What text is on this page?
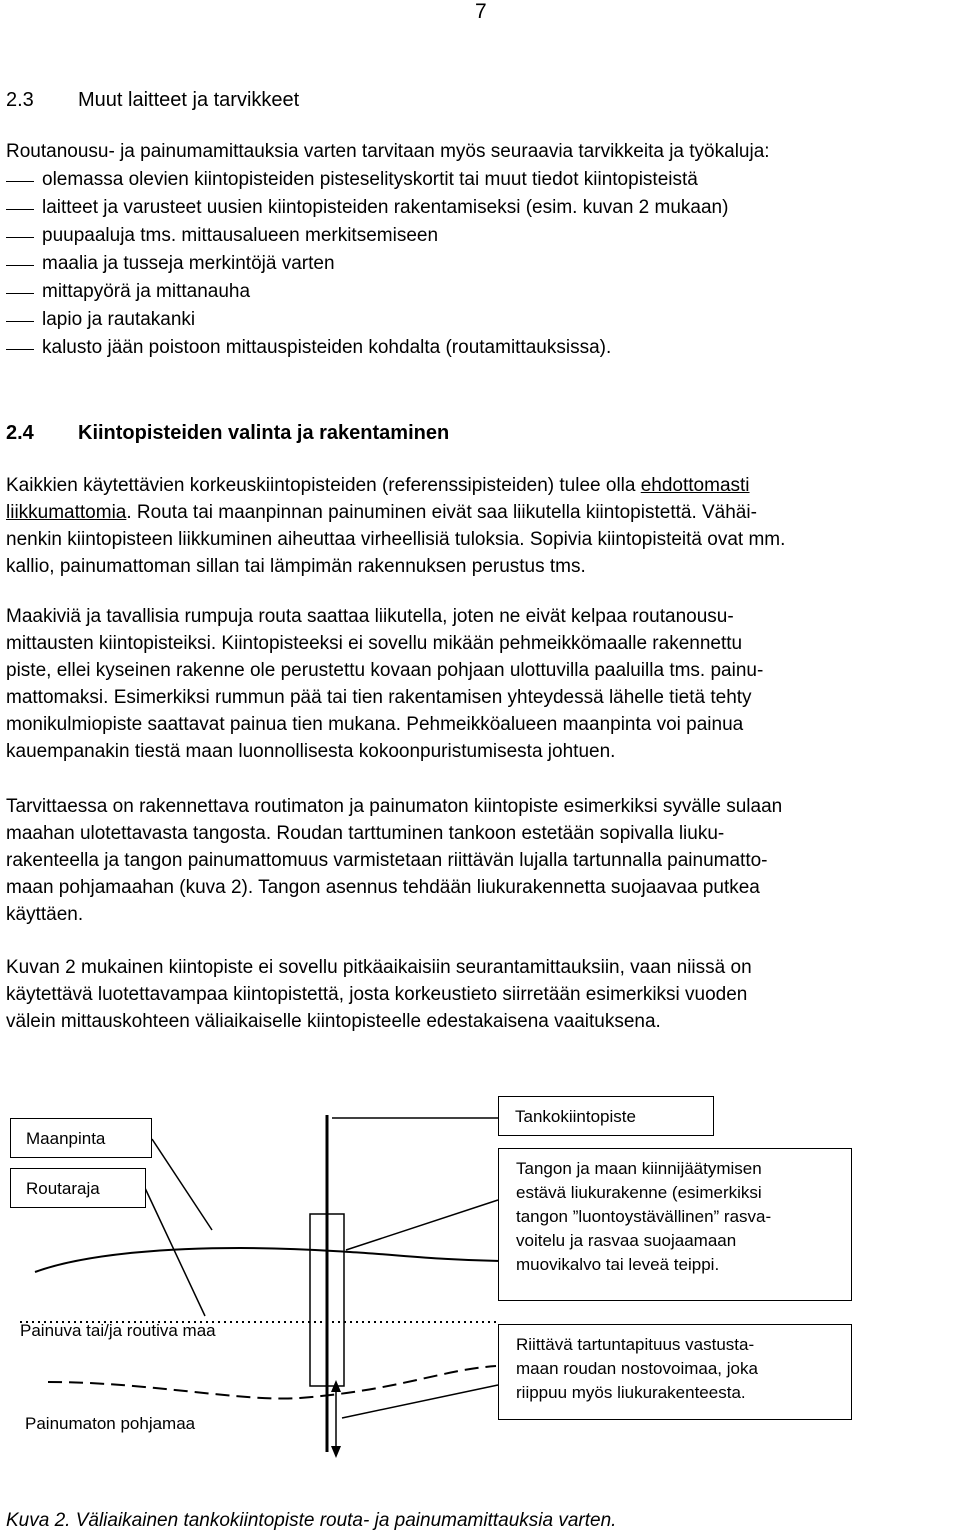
7
2.3 Muut laitteet ja tarvikkeet
Routanousu- ja painumamittauksia varten tarvitaan myös seuraavia tarvikkeita ja työkaluja:
olemassa olevien kiintopisteiden pisteselityskortit tai muut tiedot kiintopisteistä
laitteet ja varusteet uusien kiintopisteiden rakentamiseksi (esim. kuvan 2 mukaan)
puupaaluja tms. mittausalueen merkitsemiseen
maalia ja tusseja merkintöjä varten
mittapyörä ja mittanauha
lapio ja rautakanki
kalusto jään poistoon mittauspisteiden kohdalta (routamittauksissa).
2.4 Kiintopisteiden valinta ja rakentaminen
Kaikkien käytettävien korkeuskiintopisteiden (referenssipisteiden) tulee olla ehdottomasti
liikkumattomia. Routa tai maanpinnan painuminen eivät saa liikutella kiintopistettä. Vähäi-
nenkin kiintopisteen liikkuminen aiheuttaa virheellisiä tuloksia. Sopivia kiintopisteitä ovat mm.
kallio, painumattoman sillan tai lämpimän rakennuksen perustus tms.
Maakiviä ja tavallisia rumpuja routa saattaa liikutella, joten ne eivät kelpaa routanousu-
mittausten kiintopisteiksi. Kiintopisteeksi ei sovellu mikään pehmeikkömaalle rakennettu
piste, ellei kyseinen rakenne ole perustettu kovaan pohjaan ulottuvilla paaluilla tms. painu-
mattomaksi. Esimerkiksi rummun pää tai tien rakentamisen yhteydessä lähelle tietä tehty
monikulmiopiste saattavat painua tien mukana. Pehmeikköalueen maanpinta voi painua
kauempanakin tiestä maan luonnollisesta kokoonpuristumisesta johtuen.
Tarvittaessa on rakennettava routimaton ja painumaton kiintopiste esimerkiksi syvälle sulaan
maahan ulotettavasta tangosta. Roudan tarttuminen tankoon estetään sopivalla liuku-
rakenteella ja tangon painumattomuus varmistetaan riittävän lujalla tartunnalla painumatto-
maan pohjamaahan (kuva 2). Tangon asennus tehdään liukurakennetta suojaavaa putkea
käyttäen.
Kuvan 2 mukainen kiintopiste ei sovellu pitkäaikaisiin seurantamittauksiin, vaan niissä on
käytettävä luotettavampaa kiintopistettä, josta korkeustieto siirretään esimerkiksi vuoden
välein mittauskohteen väliaikaiselle kiintopisteelle edestakaisena vaaituksena.
Maanpinta
Routaraja
Tankokiintopiste
Tangon ja maan kiinnijäätymisen
estävä liukurakenne (esimerkiksi
tangon ”luontoystävällinen” rasva-
voitelu ja rasvaa suojaamaan
muovikalvo tai leveä teippi.
Riittävä tartuntapituus vastusta-
maan roudan nostovoimaa, joka
riippuu myös liukurakenteesta.
Painuva tai/ja routiva maa
Painumaton pohjamaa
Kuva 2. Väliaikainen tankokiintopiste routa- ja painumamittauksia varten.
